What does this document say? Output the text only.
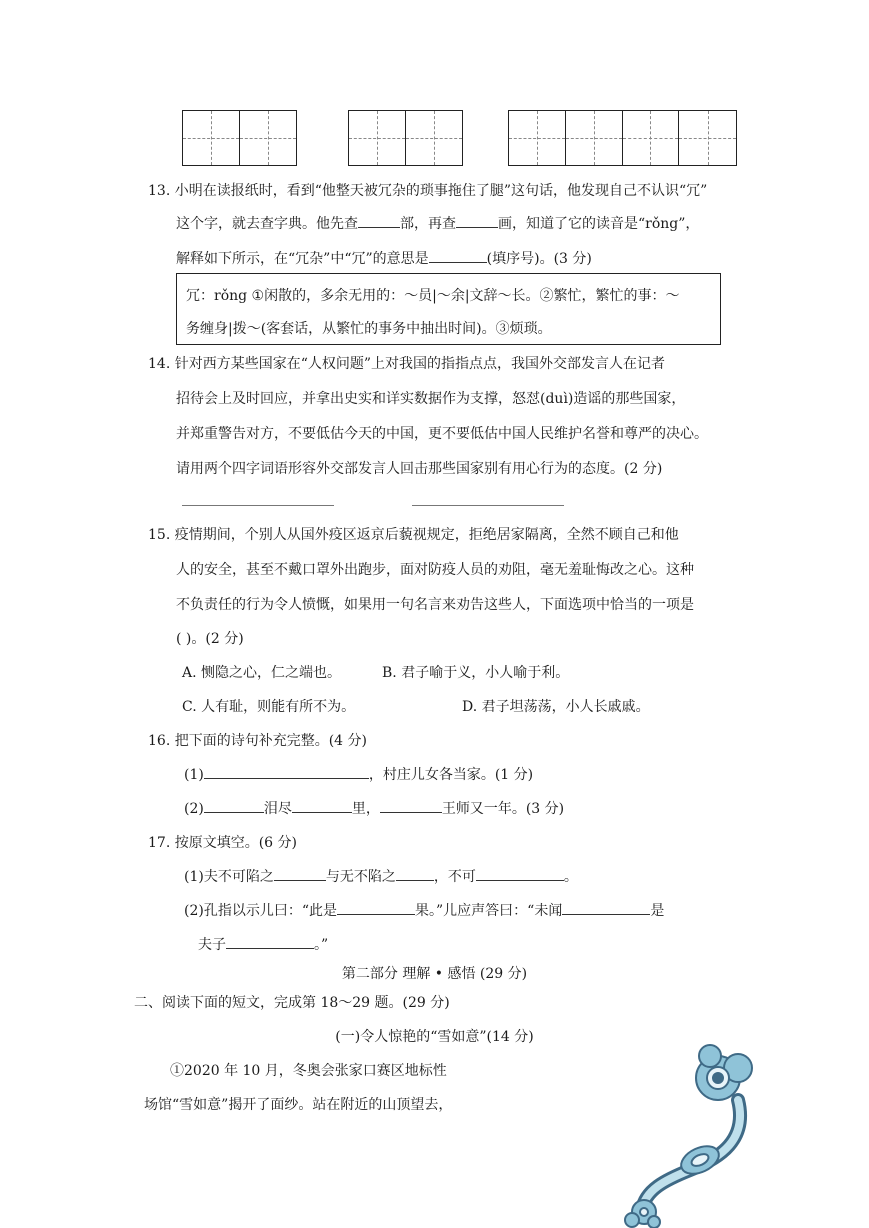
13. 小明在读报纸时，看到“他整天被冗杂的琐事拖住了腿”这句话，他发现自己不认识“冗”
这个字，就去查字典。他先查	部，再查	画，知道了它的读音是“rǒng”，
解释如下所示，在“冗杂”中“冗”的意思是	(填序号)。(3 分)
冗：rǒng ①闲散的，多余无用的：～员|～余|文辞～长。②繁忙，繁忙的事：～
务缠身|拨～(客套话，从繁忙的事务中抽出时间)。③烦琐。
14. 针对西方某些国家在“人权问题”上对我国的指指点点，我国外交部发言人在记者
招待会上及时回应，并拿出史实和详实数据作为支撑，怒怼(duì)造谣的那些国家，
并郑重警告对方，不要低估今天的中国，更不要低估中国人民维护名誉和尊严的决心。
请用两个四字词语形容外交部发言人回击那些国家别有用心行为的态度。(2 分)
15. 疫情期间，个别人从国外疫区返京后藐视规定，拒绝居家隔离，全然不顾自己和他
人的安全，甚至不戴口罩外出跑步，面对防疫人员的劝阻，毫无羞耻悔改之心。这种
不负责任的行为令人愤慨，如果用一句名言来劝告这些人，下面选项中恰当的一项是
( )。(2 分)
A. 恻隐之心，仁之端也。	B. 君子喻于义，小人喻于利。
C. 人有耻，则能有所不为。	D. 君子坦荡荡，小人长戚戚。
16. 把下面的诗句补充完整。(4 分)
(1)	，村庄儿女各当家。(1 分)
(2)	泪尽	里，	王师又一年。(3 分)
17. 按原文填空。(6 分)
(1)夫不可陷之	与无不陷之	，不可	。
(2)孔指以示儿曰：“此是	果。”儿应声答曰：“未闻	是
夫子	。”
第二部分 理解 • 感悟 (29 分)
二、阅读下面的短文，完成第 18～29 题。(29 分)
(一)令人惊艳的“雪如意”(14 分)
①2020 年 10 月，冬奥会张家口赛区地标性
场馆“雪如意”揭开了面纱。站在附近的山顶望去，
